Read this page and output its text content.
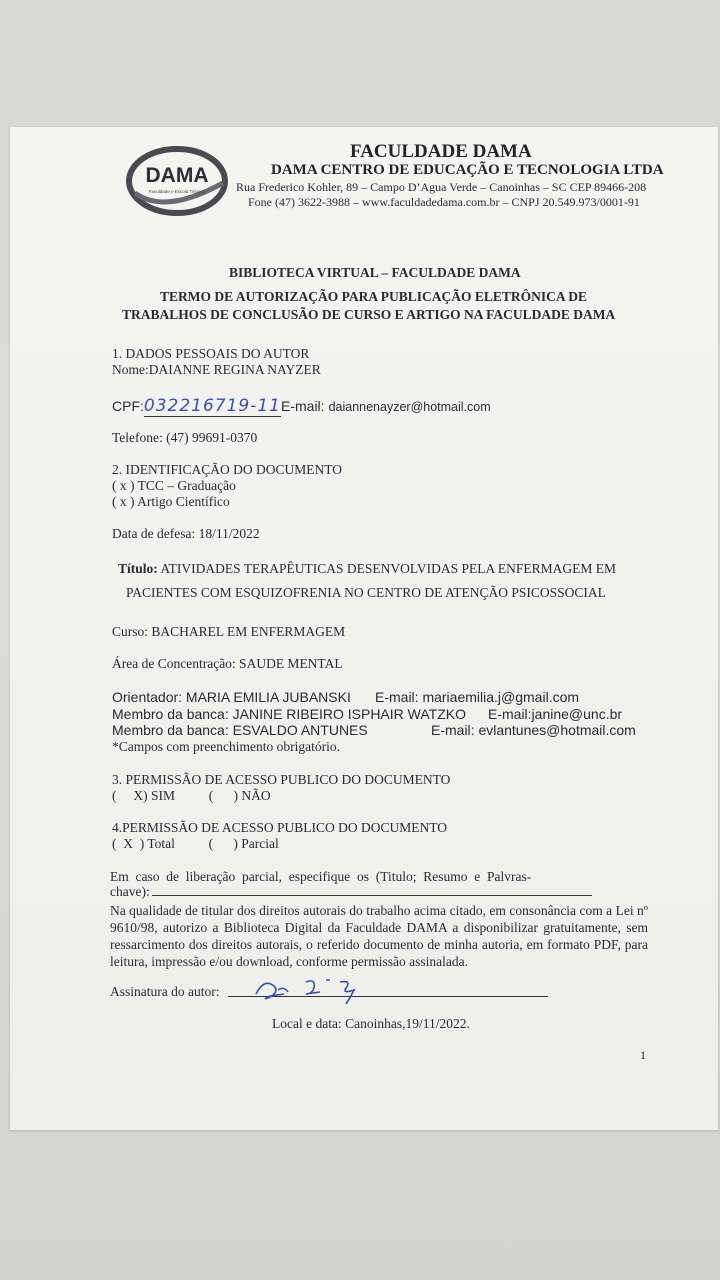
DAMA
Faculdade e Escola Técnica
FACULDADE DAMA
DAMA CENTRO DE EDUCAÇÃO E TECNOLOGIA LTDA
Rua Frederico Kohler, 89 – Campo D’Agua Verde – Canoinhas – SC CEP 89466-208
Fone (47) 3622-3988 – www.faculdadedama.com.br – CNPJ 20.549.973/0001-91
BIBLIOTECA VIRTUAL – FACULDADE DAMA
TERMO DE AUTORIZAÇÃO PARA PUBLICAÇÃO ELETRÔNICA DE
TRABALHOS DE CONCLUSÃO DE CURSO E ARTIGO NA FACULDADE DAMA
1. DADOS PESSOAIS DO AUTOR
Nome:DAIANNE REGINA NAYZER
CPF:032216719-11E-mail: daiannenayzer@hotmail.com
Telefone: (47) 99691-0370
2. IDENTIFICAÇÃO DO DOCUMENTO
( x ) TCC – Graduação
( x ) Artigo Científico
Data de defesa: 18/11/2022
Título: ATIVIDADES TERAPÊUTICAS DESENVOLVIDAS PELA ENFERMAGEM EM
PACIENTES COM ESQUIZOFRENIA NO CENTRO DE ATENÇÃO PSICOSSOCIAL
Curso: BACHAREL EM ENFERMAGEM
Área de Concentração: SAUDE MENTAL
Orientador: MARIA EMILIA JUBANSKI E-mail: mariaemilia.j@gmail.com
Membro da banca: JANINE RIBEIRO ISPHAIR WATZKO E-mail:janine@unc.br
Membro da banca: ESVALDO ANTUNES	E-mail: evlantunes@hotmail.com
*Campos com preenchimento obrigatório.
3. PERMISSÃO DE ACESSO PUBLICO DO DOCUMENTO
(     X) SIM          (      ) NÃO
4.PERMISSÃO DE ACESSO PUBLICO DO DOCUMENTO
(  X  ) Total          (      ) Parcial
Em  caso  de  liberação  parcial,  especifique  os  (Titulo;  Resumo  e  Palvras-
chave):
Na qualidade de titular dos direitos autorais do trabalho acima citado, em consonância com a Lei nº 9610/98, autorizo a Biblioteca Digital da Faculdade DAMA a disponibilizar gratuitamente, sem ressarcimento dos direitos autorais, o referido documento de minha autoria, em formato PDF, para leitura, impressão e/ou download, conforme permissão assinalada.
Assinatura do autor:
Local e data: Canoinhas,19/11/2022.
1
